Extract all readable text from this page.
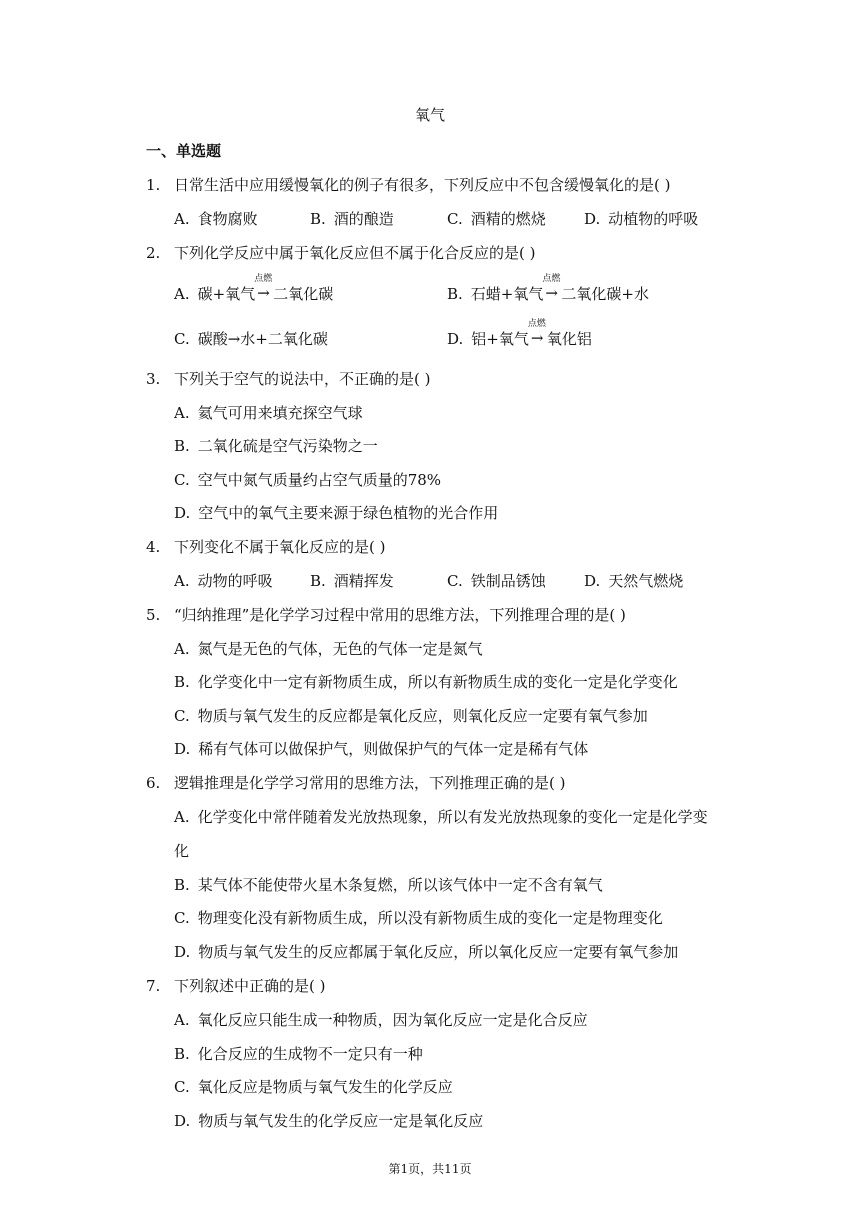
氧气
一、单选题
1. 日常生活中应用缓慢氧化的例子有很多，下列反应中不包含缓慢氧化的是( )
A. 食物腐败	B. 酒的酿造	C. 酒精的燃烧	D. 动植物的呼吸
2. 下列化学反应中属于氧化反应但不属于化合反应的是( )
A. 碳+氧气
点燃
→ 二氧化碳	B. 石蜡+氧气
点燃
→ 二氧化碳+水
C. 碳酸→水+二氧化碳	D. 铝+氧气
点燃
→ 氧化铝
3. 下列关于空气的说法中，不正确的是( )
A. 氦气可用来填充探空气球
B. 二氧化硫是空气污染物之一
C. 空气中氮气质量约占空气质量的78%
D. 空气中的氧气主要来源于绿色植物的光合作用
4. 下列变化不属于氧化反应的是( )
A. 动物的呼吸 B. 酒精挥发	C. 铁制品锈蚀	D. 天然气燃烧
5. “归纳推理”是化学学习过程中常用的思维方法，下列推理合理的是( )
A. 氮气是无色的气体，无色的气体一定是氮气
B. 化学变化中一定有新物质生成，所以有新物质生成的变化一定是化学变化
C. 物质与氧气发生的反应都是氧化反应，则氧化反应一定要有氧气参加
D. 稀有气体可以做保护气，则做保护气的气体一定是稀有气体
6. 逻辑推理是化学学习常用的思维方法，下列推理正确的是( )
A. 化学变化中常伴随着发光放热现象，所以有发光放热现象的变化一定是化学变
化
B. 某气体不能使带火星木条复燃，所以该气体中一定不含有氧气
C. 物理变化没有新物质生成，所以没有新物质生成的变化一定是物理变化
D. 物质与氧气发生的反应都属于氧化反应，所以氧化反应一定要有氧气参加
7. 下列叙述中正确的是( )
A. 氧化反应只能生成一种物质，因为氧化反应一定是化合反应
B. 化合反应的生成物不一定只有一种
C. 氧化反应是物质与氧气发生的化学反应
D. 物质与氧气发生的化学反应一定是氧化反应
第1页，共11页
